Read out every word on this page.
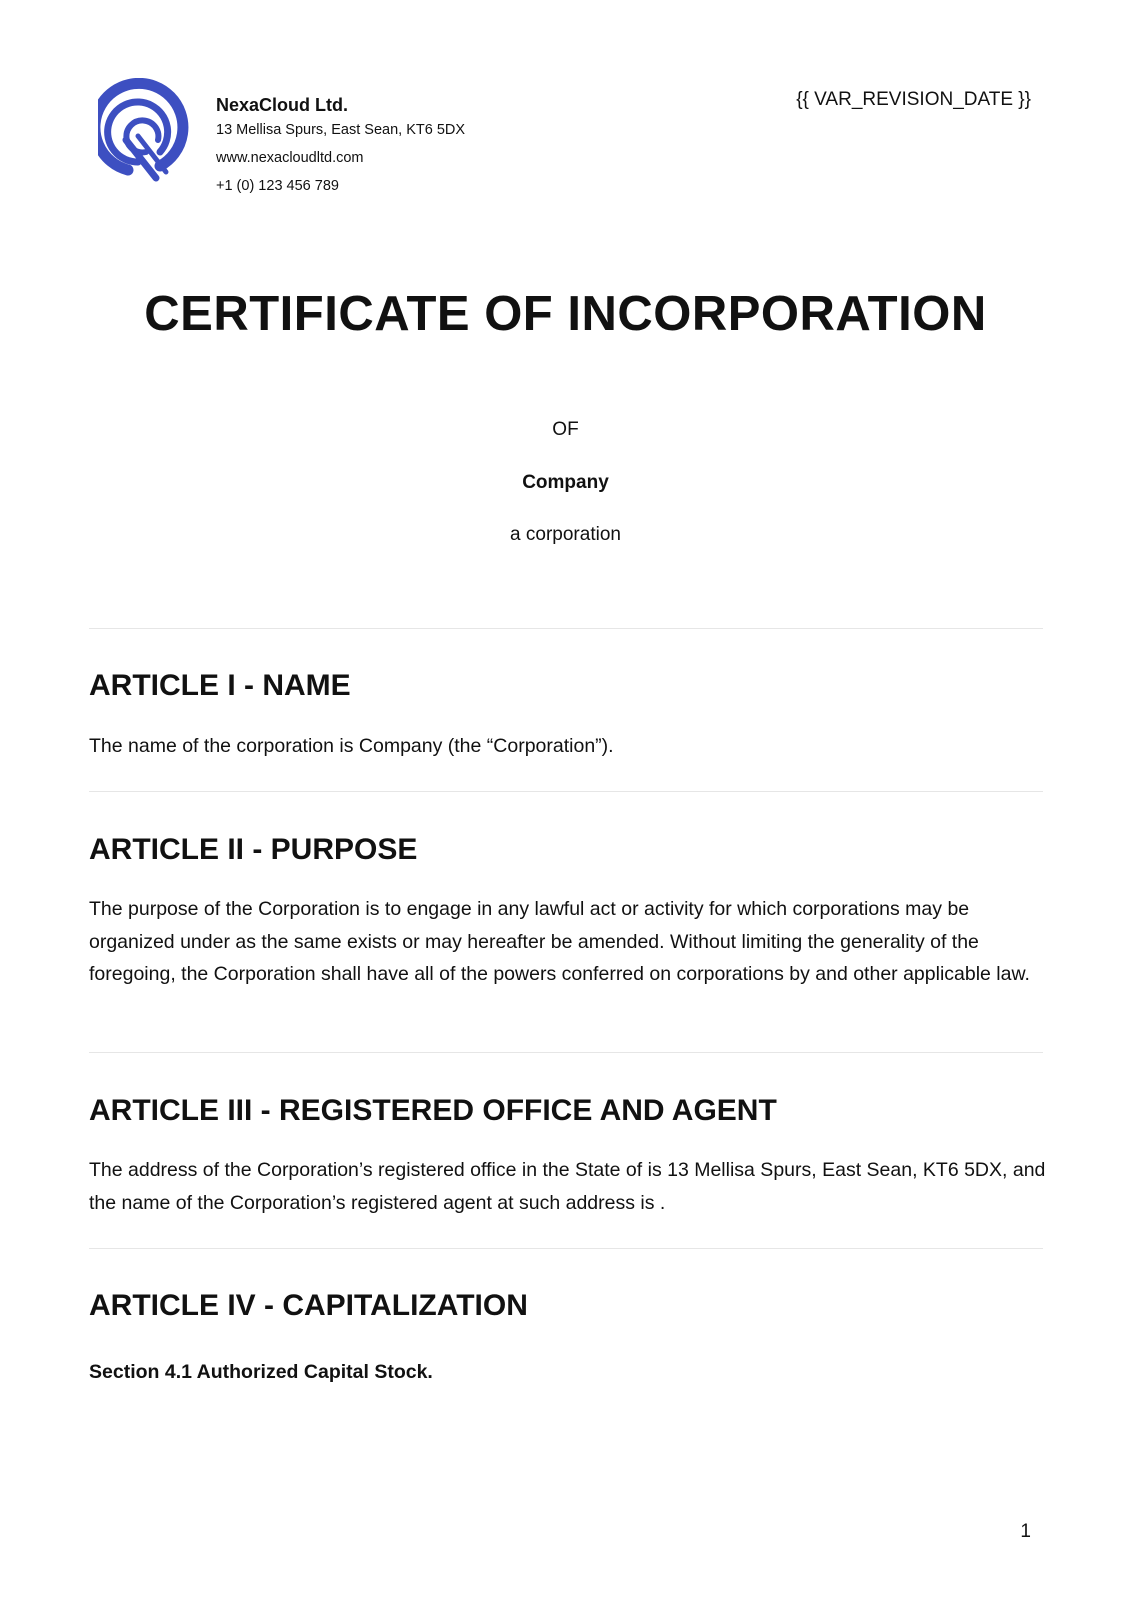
NexaCloud Ltd.
13 Mellisa Spurs, East Sean, KT6 5DX
www.nexacloudltd.com
+1 (0) 123 456 789
{{ VAR_REVISION_DATE }}
CERTIFICATE OF INCORPORATION
OF
Company
a corporation
ARTICLE I - NAME

The name of the corporation is Company (the “Corporation”).

ARTICLE II - PURPOSE

The purpose of the Corporation is to engage in any lawful act or activity for which corporations may be organized under as the same exists or may hereafter be amended. Without limiting the generality of the foregoing, the Corporation shall have all of the powers conferred on corporations by and other applicable law.

ARTICLE III - REGISTERED OFFICE AND AGENT

The address of the Corporation’s registered office in the State of is 13 Mellisa Spurs, East Sean, KT6 5DX, and the name of the Corporation’s registered agent at such address is .

ARTICLE IV - CAPITALIZATION
Section 4.1 Authorized Capital Stock.
1
